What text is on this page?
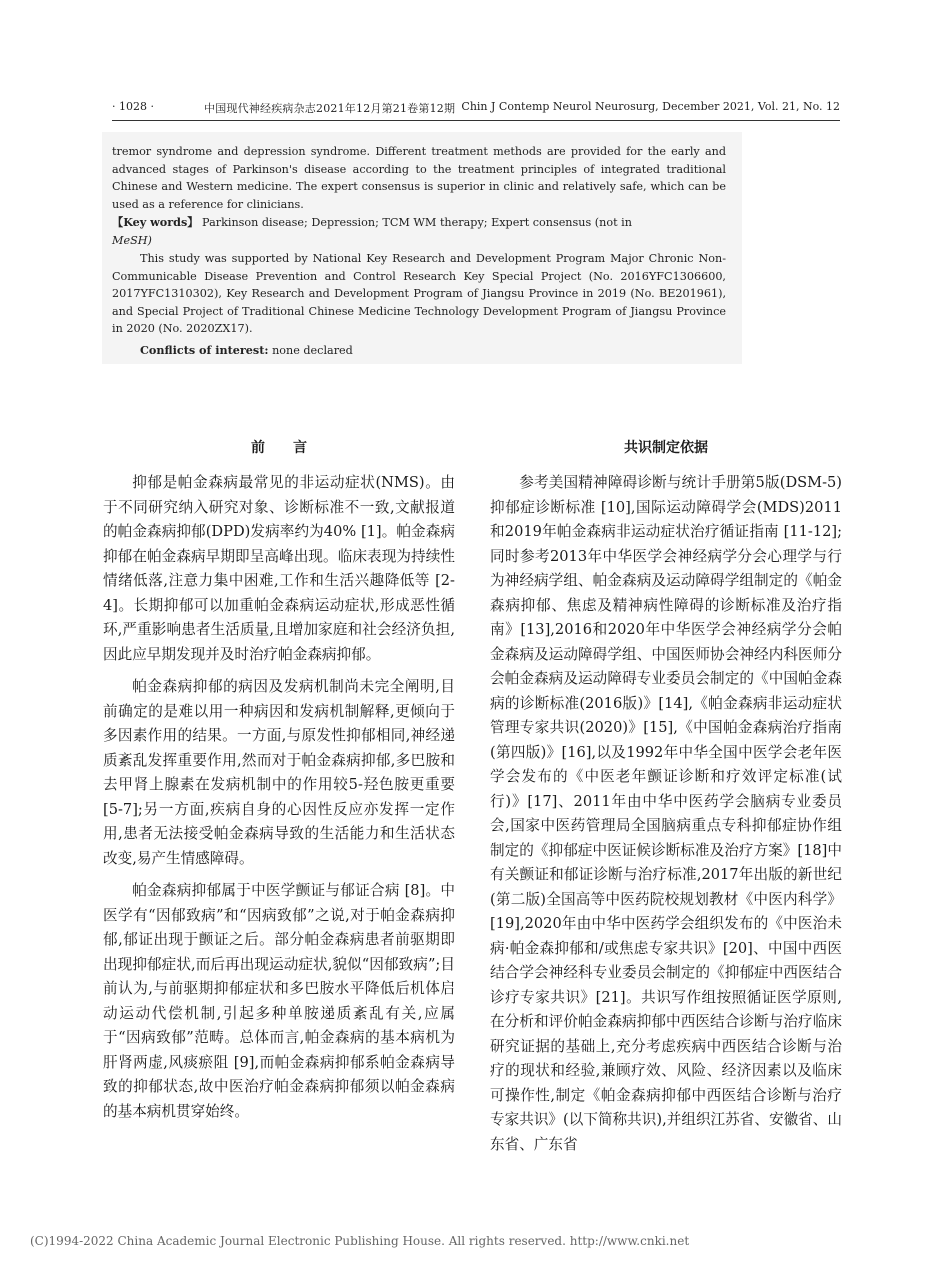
· 1028 ·	中国现代神经疾病杂志2021年12月第21卷第12期 Chin J Contemp Neurol Neurosurg, December 2021, Vol. 21, No. 12

tremor syndrome and depression syndrome. Different treatment methods are provided for the early and advanced stages of Parkinson's disease according to the treatment principles of integrated traditional Chinese and Western medicine. The expert consensus is superior in clinic and relatively safe, which can be used as a reference for clinicians.

【Key words】 Parkinson disease; Depression; TCM WM therapy; Expert consensus (not in

MeSH)

This study was supported by National Key Research and Development Program Major Chronic Non-Communicable Disease Prevention and Control Research Key Special Project (No. 2016YFC1306600, 2017YFC1310302), Key Research and Development Program of Jiangsu Province in 2019 (No. BE201961), and Special Project of Traditional Chinese Medicine Technology Development Program of Jiangsu Province in 2020 (No. 2020ZX17).

Conflicts of interest: none declared

前　　言

抑郁是帕金森病最常见的非运动症状(NMS)。由于不同研究纳入研究对象、诊断标准不一致,文献报道的帕金森病抑郁(DPD)发病率约为40% [1]。帕金森病抑郁在帕金森病早期即呈高峰出现。临床表现为持续性情绪低落,注意力集中困难,工作和生活兴趣降低等 [2-4]。长期抑郁可以加重帕金森病运动症状,形成恶性循环,严重影响患者生活质量,且增加家庭和社会经济负担,因此应早期发现并及时治疗帕金森病抑郁。

帕金森病抑郁的病因及发病机制尚未完全阐明,目前确定的是难以用一种病因和发病机制解释,更倾向于多因素作用的结果。一方面,与原发性抑郁相同,神经递质紊乱发挥重要作用,然而对于帕金森病抑郁,多巴胺和去甲肾上腺素在发病机制中的作用较5-羟色胺更重要 [5-7];另一方面,疾病自身的心因性反应亦发挥一定作用,患者无法接受帕金森病导致的生活能力和生活状态改变,易产生情感障碍。

帕金森病抑郁属于中医学颤证与郁证合病 [8]。中医学有“因郁致病”和“因病致郁”之说,对于帕金森病抑郁,郁证出现于颤证之后。部分帕金森病患者前驱期即出现抑郁症状,而后再出现运动症状,貌似“因郁致病”;目前认为,与前驱期抑郁症状和多巴胺水平降低后机体启动运动代偿机制,引起多种单胺递质紊乱有关,应属于“因病致郁”范畴。总体而言,帕金森病的基本病机为肝肾两虚,风痰瘀阻 [9],而帕金森病抑郁系帕金森病导致的抑郁状态,故中医治疗帕金森病抑郁须以帕金森病的基本病机贯穿始终。

共识制定依据

参考美国精神障碍诊断与统计手册第5版(DSM-5)抑郁症诊断标准 [10],国际运动障碍学会(MDS)2011和2019年帕金森病非运动症状治疗循证指南 [11-12];同时参考2013年中华医学会神经病学分会心理学与行为神经病学组、帕金森病及运动障碍学组制定的《帕金森病抑郁、焦虑及精神病性障碍的诊断标准及治疗指南》[13],2016和2020年中华医学会神经病学分会帕金森病及运动障碍学组、中国医师协会神经内科医师分会帕金森病及运动障碍专业委员会制定的《中国帕金森病的诊断标准(2016版)》[14],《帕金森病非运动症状管理专家共识(2020)》[15],《中国帕金森病治疗指南(第四版)》[16],以及1992年中华全国中医学会老年医学会发布的《中医老年颤证诊断和疗效评定标准(试行)》[17]、2011年由中华中医药学会脑病专业委员会,国家中医药管理局全国脑病重点专科抑郁症协作组制定的《抑郁症中医证候诊断标准及治疗方案》[18]中有关颤证和郁证诊断与治疗标准,2017年出版的新世纪(第二版)全国高等中医药院校规划教材《中医内科学》[19],2020年由中华中医药学会组织发布的《中医治未病·帕金森抑郁和/或焦虑专家共识》[20]、中国中西医结合学会神经科专业委员会制定的《抑郁症中西医结合诊疗专家共识》[21]。共识写作组按照循证医学原则,在分析和评价帕金森病抑郁中西医结合诊断与治疗临床研究证据的基础上,充分考虑疾病中西医结合诊断与治疗的现状和经验,兼顾疗效、风险、经济因素以及临床可操作性,制定《帕金森病抑郁中西医结合诊断与治疗专家共识》(以下简称共识),并组织江苏省、安徽省、山东省、广东省

(C)1994-2022 China Academic Journal Electronic Publishing House. All rights reserved. http://www.cnki.net
